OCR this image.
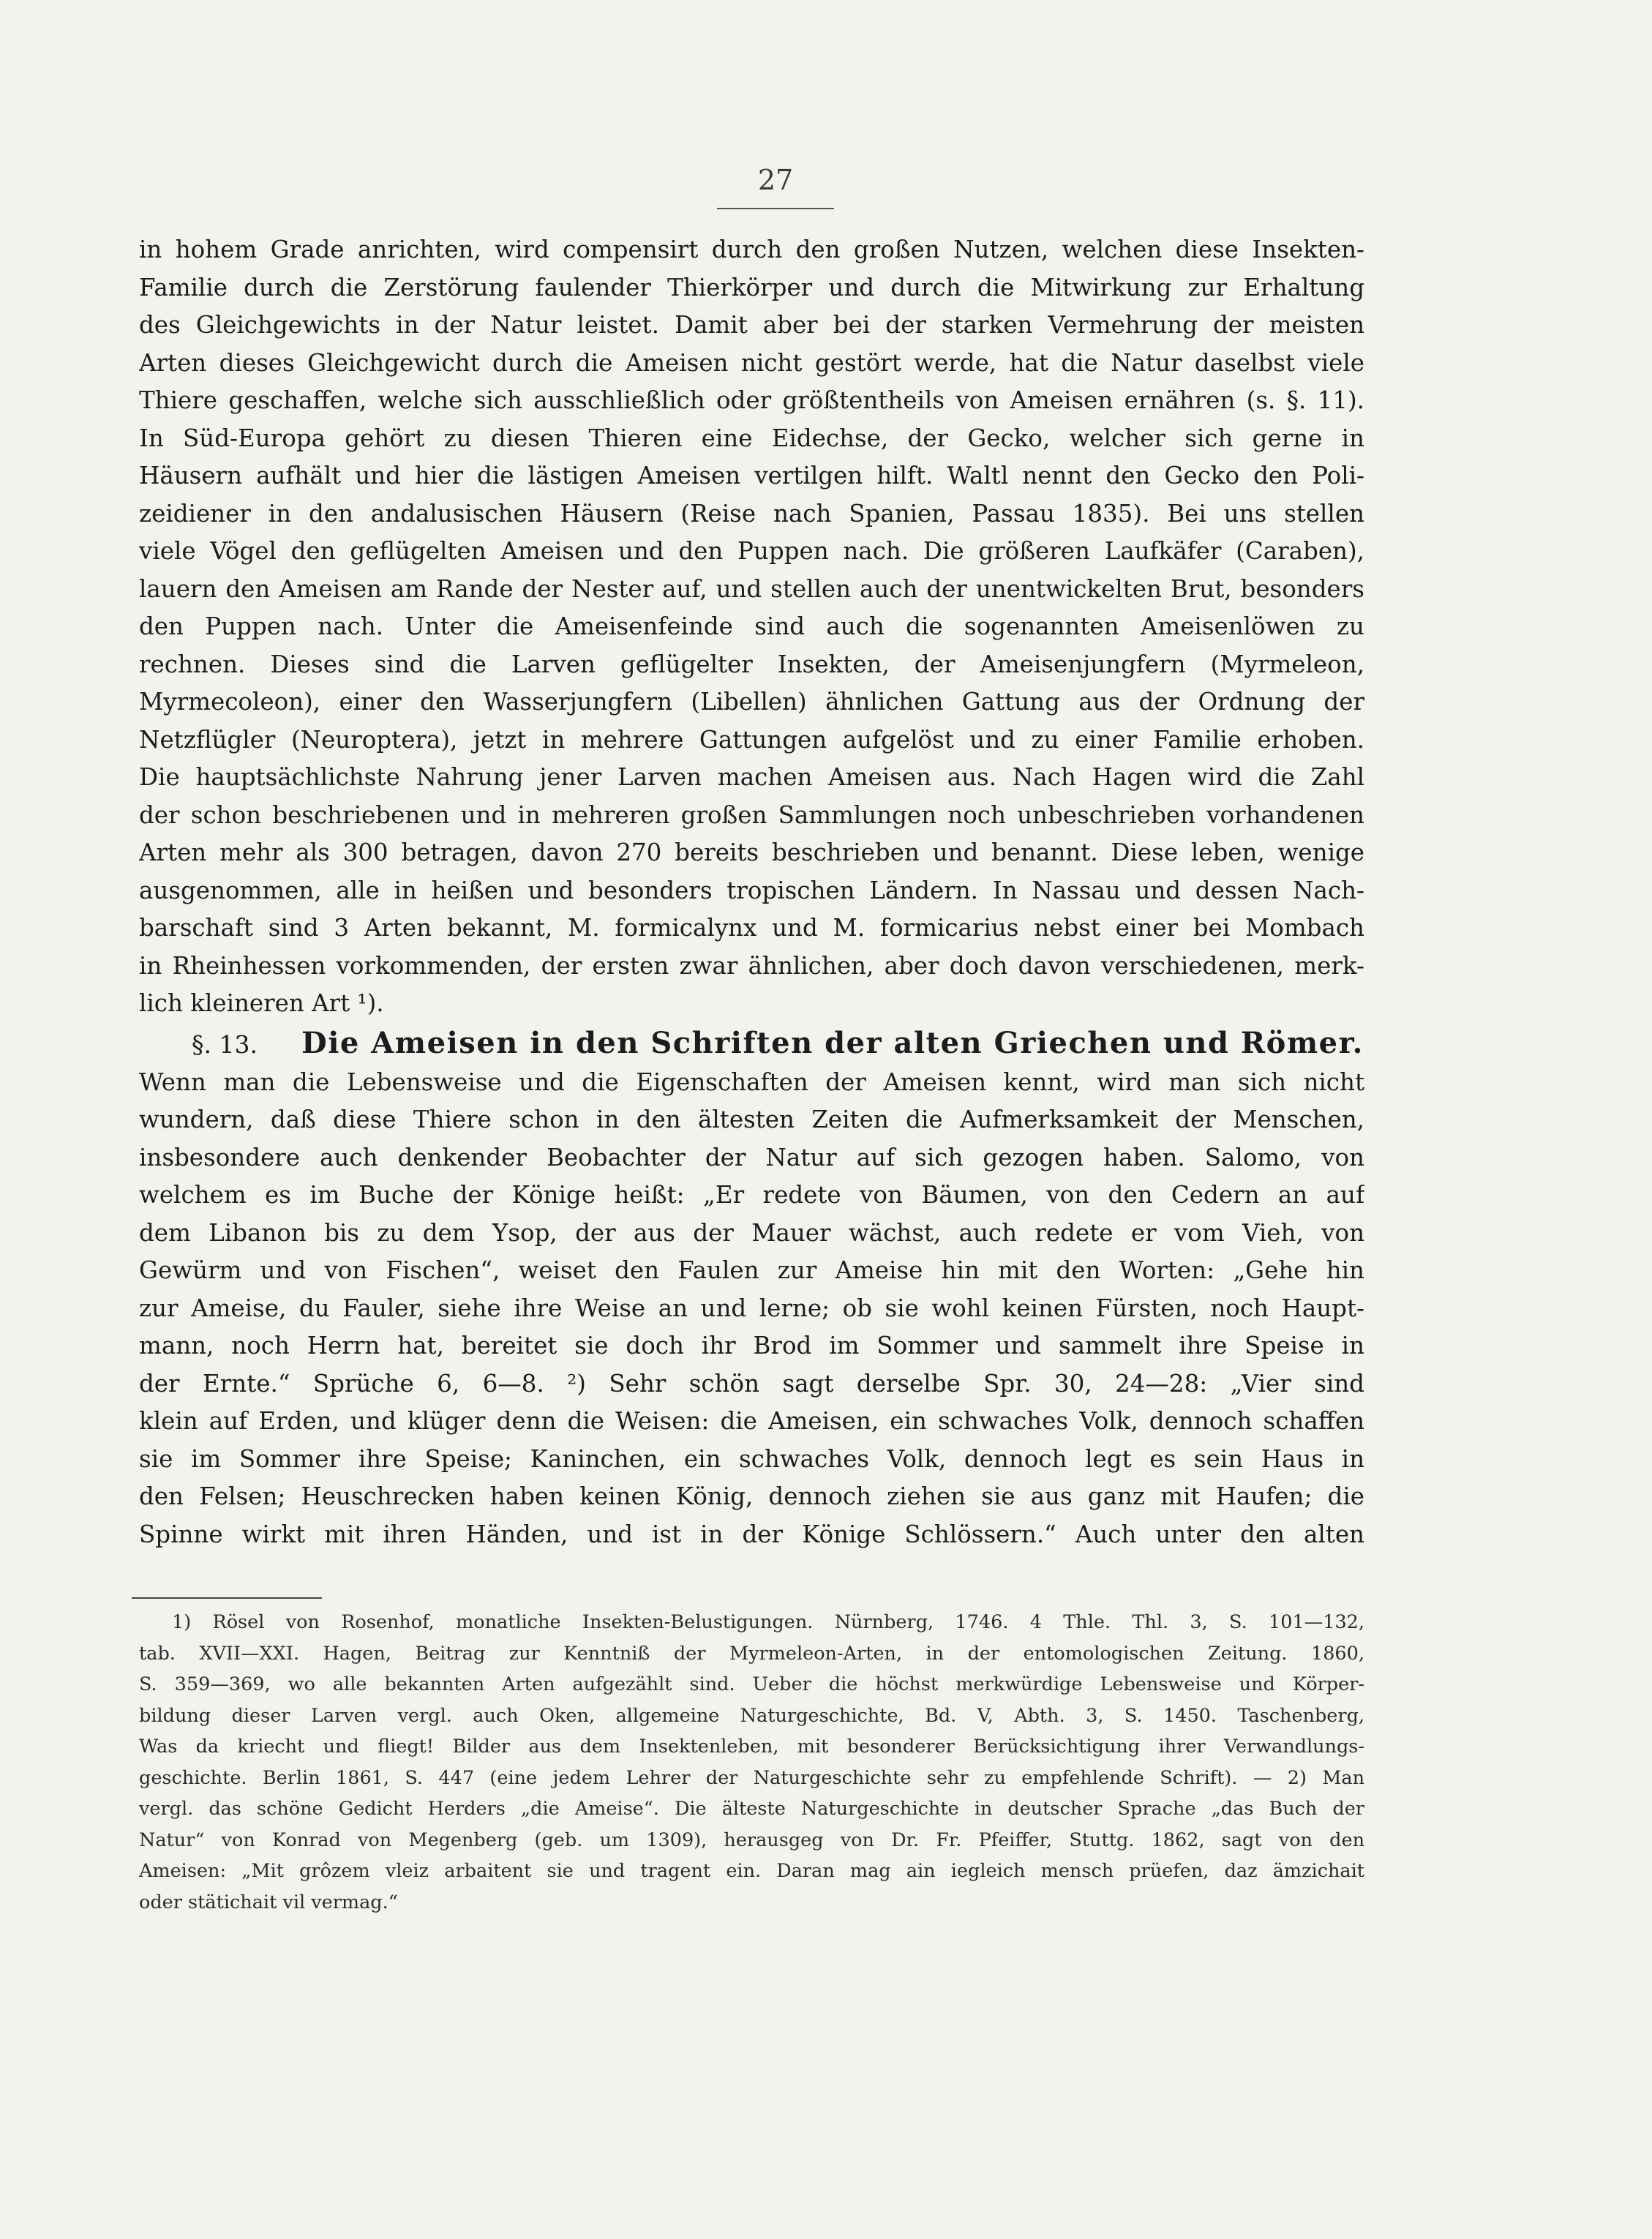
27
in hohem Grade anrichten, wird compensirt durch den großen Nutzen, welchen diese Insekten-
Familie durch die Zerstörung faulender Thierkörper und durch die Mitwirkung zur Erhaltung
des Gleichgewichts in der Natur leistet. Damit aber bei der starken Vermehrung der meisten
Arten dieses Gleichgewicht durch die Ameisen nicht gestört werde, hat die Natur daselbst viele
Thiere geschaffen, welche sich ausschließlich oder größtentheils von Ameisen ernähren (s. §. 11).
In Süd-Europa gehört zu diesen Thieren eine Eidechse, der Gecko, welcher sich gerne in
Häusern aufhält und hier die lästigen Ameisen vertilgen hilft. Waltl nennt den Gecko den Poli-
zeidiener in den andalusischen Häusern (Reise nach Spanien, Passau 1835). Bei uns stellen
viele Vögel den geflügelten Ameisen und den Puppen nach. Die größeren Laufkäfer (Caraben),
lauern den Ameisen am Rande der Nester auf, und stellen auch der unentwickelten Brut, besonders
den Puppen nach. Unter die Ameisenfeinde sind auch die sogenannten Ameisenlöwen zu
rechnen. Dieses sind die Larven geflügelter Insekten, der Ameisenjungfern (Myrmeleon,
Myrmecoleon), einer den Wasserjungfern (Libellen) ähnlichen Gattung aus der Ordnung der
Netzflügler (Neuroptera), jetzt in mehrere Gattungen aufgelöst und zu einer Familie erhoben.
Die hauptsächlichste Nahrung jener Larven machen Ameisen aus. Nach Hagen wird die Zahl
der schon beschriebenen und in mehreren großen Sammlungen noch unbeschrieben vorhandenen
Arten mehr als 300 betragen, davon 270 bereits beschrieben und benannt. Diese leben, wenige
ausgenommen, alle in heißen und besonders tropischen Ländern. In Nassau und dessen Nach-
barschaft sind 3 Arten bekannt, M. formicalynx und M. formicarius nebst einer bei Mombach
in Rheinhessen vorkommenden, der ersten zwar ähnlichen, aber doch davon verschiedenen, merk-
lich kleineren Art ¹).
§. 13. Die Ameisen in den Schriften der alten Griechen und Römer.
Wenn man die Lebensweise und die Eigenschaften der Ameisen kennt, wird man sich nicht
wundern, daß diese Thiere schon in den ältesten Zeiten die Aufmerksamkeit der Menschen,
insbesondere auch denkender Beobachter der Natur auf sich gezogen haben. Salomo, von
welchem es im Buche der Könige heißt: „Er redete von Bäumen, von den Cedern an auf
dem Libanon bis zu dem Ysop, der aus der Mauer wächst, auch redete er vom Vieh, von
Gewürm und von Fischen“, weiset den Faulen zur Ameise hin mit den Worten: „Gehe hin
zur Ameise, du Fauler, siehe ihre Weise an und lerne; ob sie wohl keinen Fürsten, noch Haupt-
mann, noch Herrn hat, bereitet sie doch ihr Brod im Sommer und sammelt ihre Speise in
der Ernte.“ Sprüche 6, 6—8. ²) Sehr schön sagt derselbe Spr. 30, 24—28: „Vier sind
klein auf Erden, und klüger denn die Weisen: die Ameisen, ein schwaches Volk, dennoch schaffen
sie im Sommer ihre Speise; Kaninchen, ein schwaches Volk, dennoch legt es sein Haus in
den Felsen; Heuschrecken haben keinen König, dennoch ziehen sie aus ganz mit Haufen; die
Spinne wirkt mit ihren Händen, und ist in der Könige Schlössern.“ Auch unter den alten
1) Rösel von Rosenhof, monatliche Insekten-Belustigungen. Nürnberg, 1746. 4 Thle. Thl. 3, S. 101—132,
tab. XVII—XXI. Hagen, Beitrag zur Kenntniß der Myrmeleon-Arten, in der entomologischen Zeitung. 1860,
S. 359—369, wo alle bekannten Arten aufgezählt sind. Ueber die höchst merkwürdige Lebensweise und Körper-
bildung dieser Larven vergl. auch Oken, allgemeine Naturgeschichte, Bd. V, Abth. 3, S. 1450. Taschenberg,
Was da kriecht und fliegt! Bilder aus dem Insektenleben, mit besonderer Berücksichtigung ihrer Verwandlungs-
geschichte. Berlin 1861, S. 447 (eine jedem Lehrer der Naturgeschichte sehr zu empfehlende Schrift). — 2) Man
vergl. das schöne Gedicht Herders „die Ameise“. Die älteste Naturgeschichte in deutscher Sprache „das Buch der
Natur“ von Konrad von Megenberg (geb. um 1309), herausgeg von Dr. Fr. Pfeiffer, Stuttg. 1862, sagt von den
Ameisen: „Mit grôzem vleiz arbaitent sie und tragent ein. Daran mag ain iegleich mensch prüefen, daz ämzichait
oder stätichait vil vermag.“
